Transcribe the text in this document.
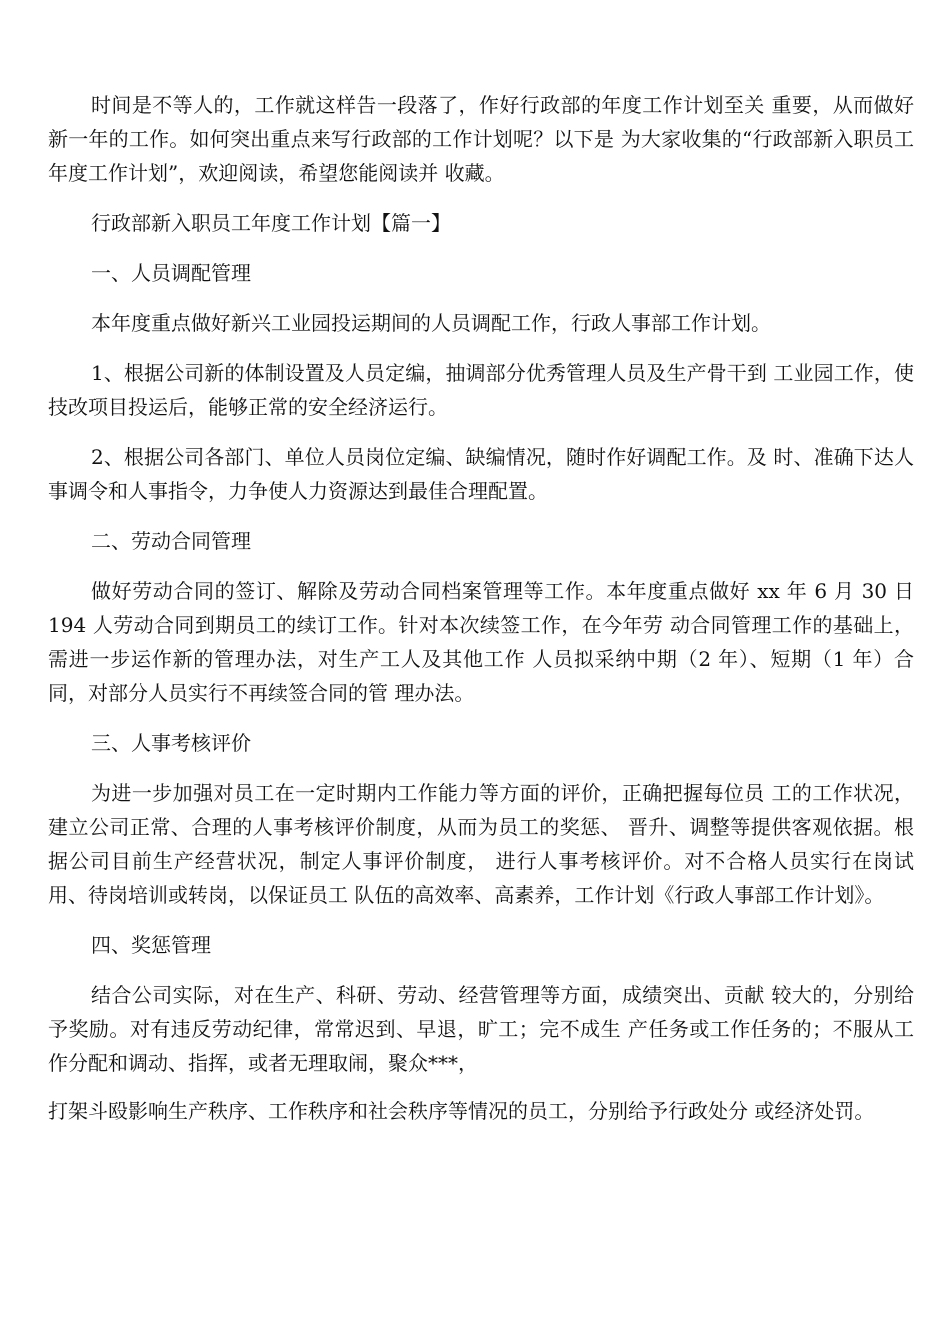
时间是不等人的，工作就这样告一段落了，作好行政部的年度工作计划至关 重要，从而做好新一年的工作。如何突出重点来写行政部的工作计划呢？以下是 为大家收集的“行政部新入职员工年度工作计划”，欢迎阅读，希望您能阅读并 收藏。

行政部新入职员工年度工作计划【篇一】

一、人员调配管理

本年度重点做好新兴工业园投运期间的人员调配工作，行政人事部工作计划。

1、根据公司新的体制设置及人员定编，抽调部分优秀管理人员及生产骨干到 工业园工作，使技改项目投运后，能够正常的安全经济运行。

2、根据公司各部门、单位人员岗位定编、缺编情况，随时作好调配工作。及 时、准确下达人事调令和人事指令，力争使人力资源达到最佳合理配置。

二、劳动合同管理

做好劳动合同的签订、解除及劳动合同档案管理等工作。本年度重点做好 xx 年 6 月 30 日 194 人劳动合同到期员工的续订工作。针对本次续签工作，在今年劳 动合同管理工作的基础上，需进一步运作新的管理办法，对生产工人及其他工作 人员拟采纳中期（2 年）、短期（1 年）合同，对部分人员实行不再续签合同的管 理办法。

三、人事考核评价

为进一步加强对员工在一定时期内工作能力等方面的评价，正确把握每位员 工的工作状况，建立公司正常、合理的人事考核评价制度，从而为员工的奖惩、 晋升、调整等提供客观依据。根据公司目前生产经营状况，制定人事评价制度， 进行人事考核评价。对不合格人员实行在岗试用、待岗培训或转岗，以保证员工 队伍的高效率、高素养，工作计划《行政人事部工作计划》。

四、奖惩管理

结合公司实际，对在生产、科研、劳动、经营管理等方面，成绩突出、贡献 较大的，分别给予奖励。对有违反劳动纪律，常常迟到、早退，旷工；完不成生 产任务或工作任务的；不服从工作分配和调动、指挥，或者无理取闹，聚众***，

打架斗殴影响生产秩序、工作秩序和社会秩序等情况的员工，分别给予行政处分 或经济处罚。
